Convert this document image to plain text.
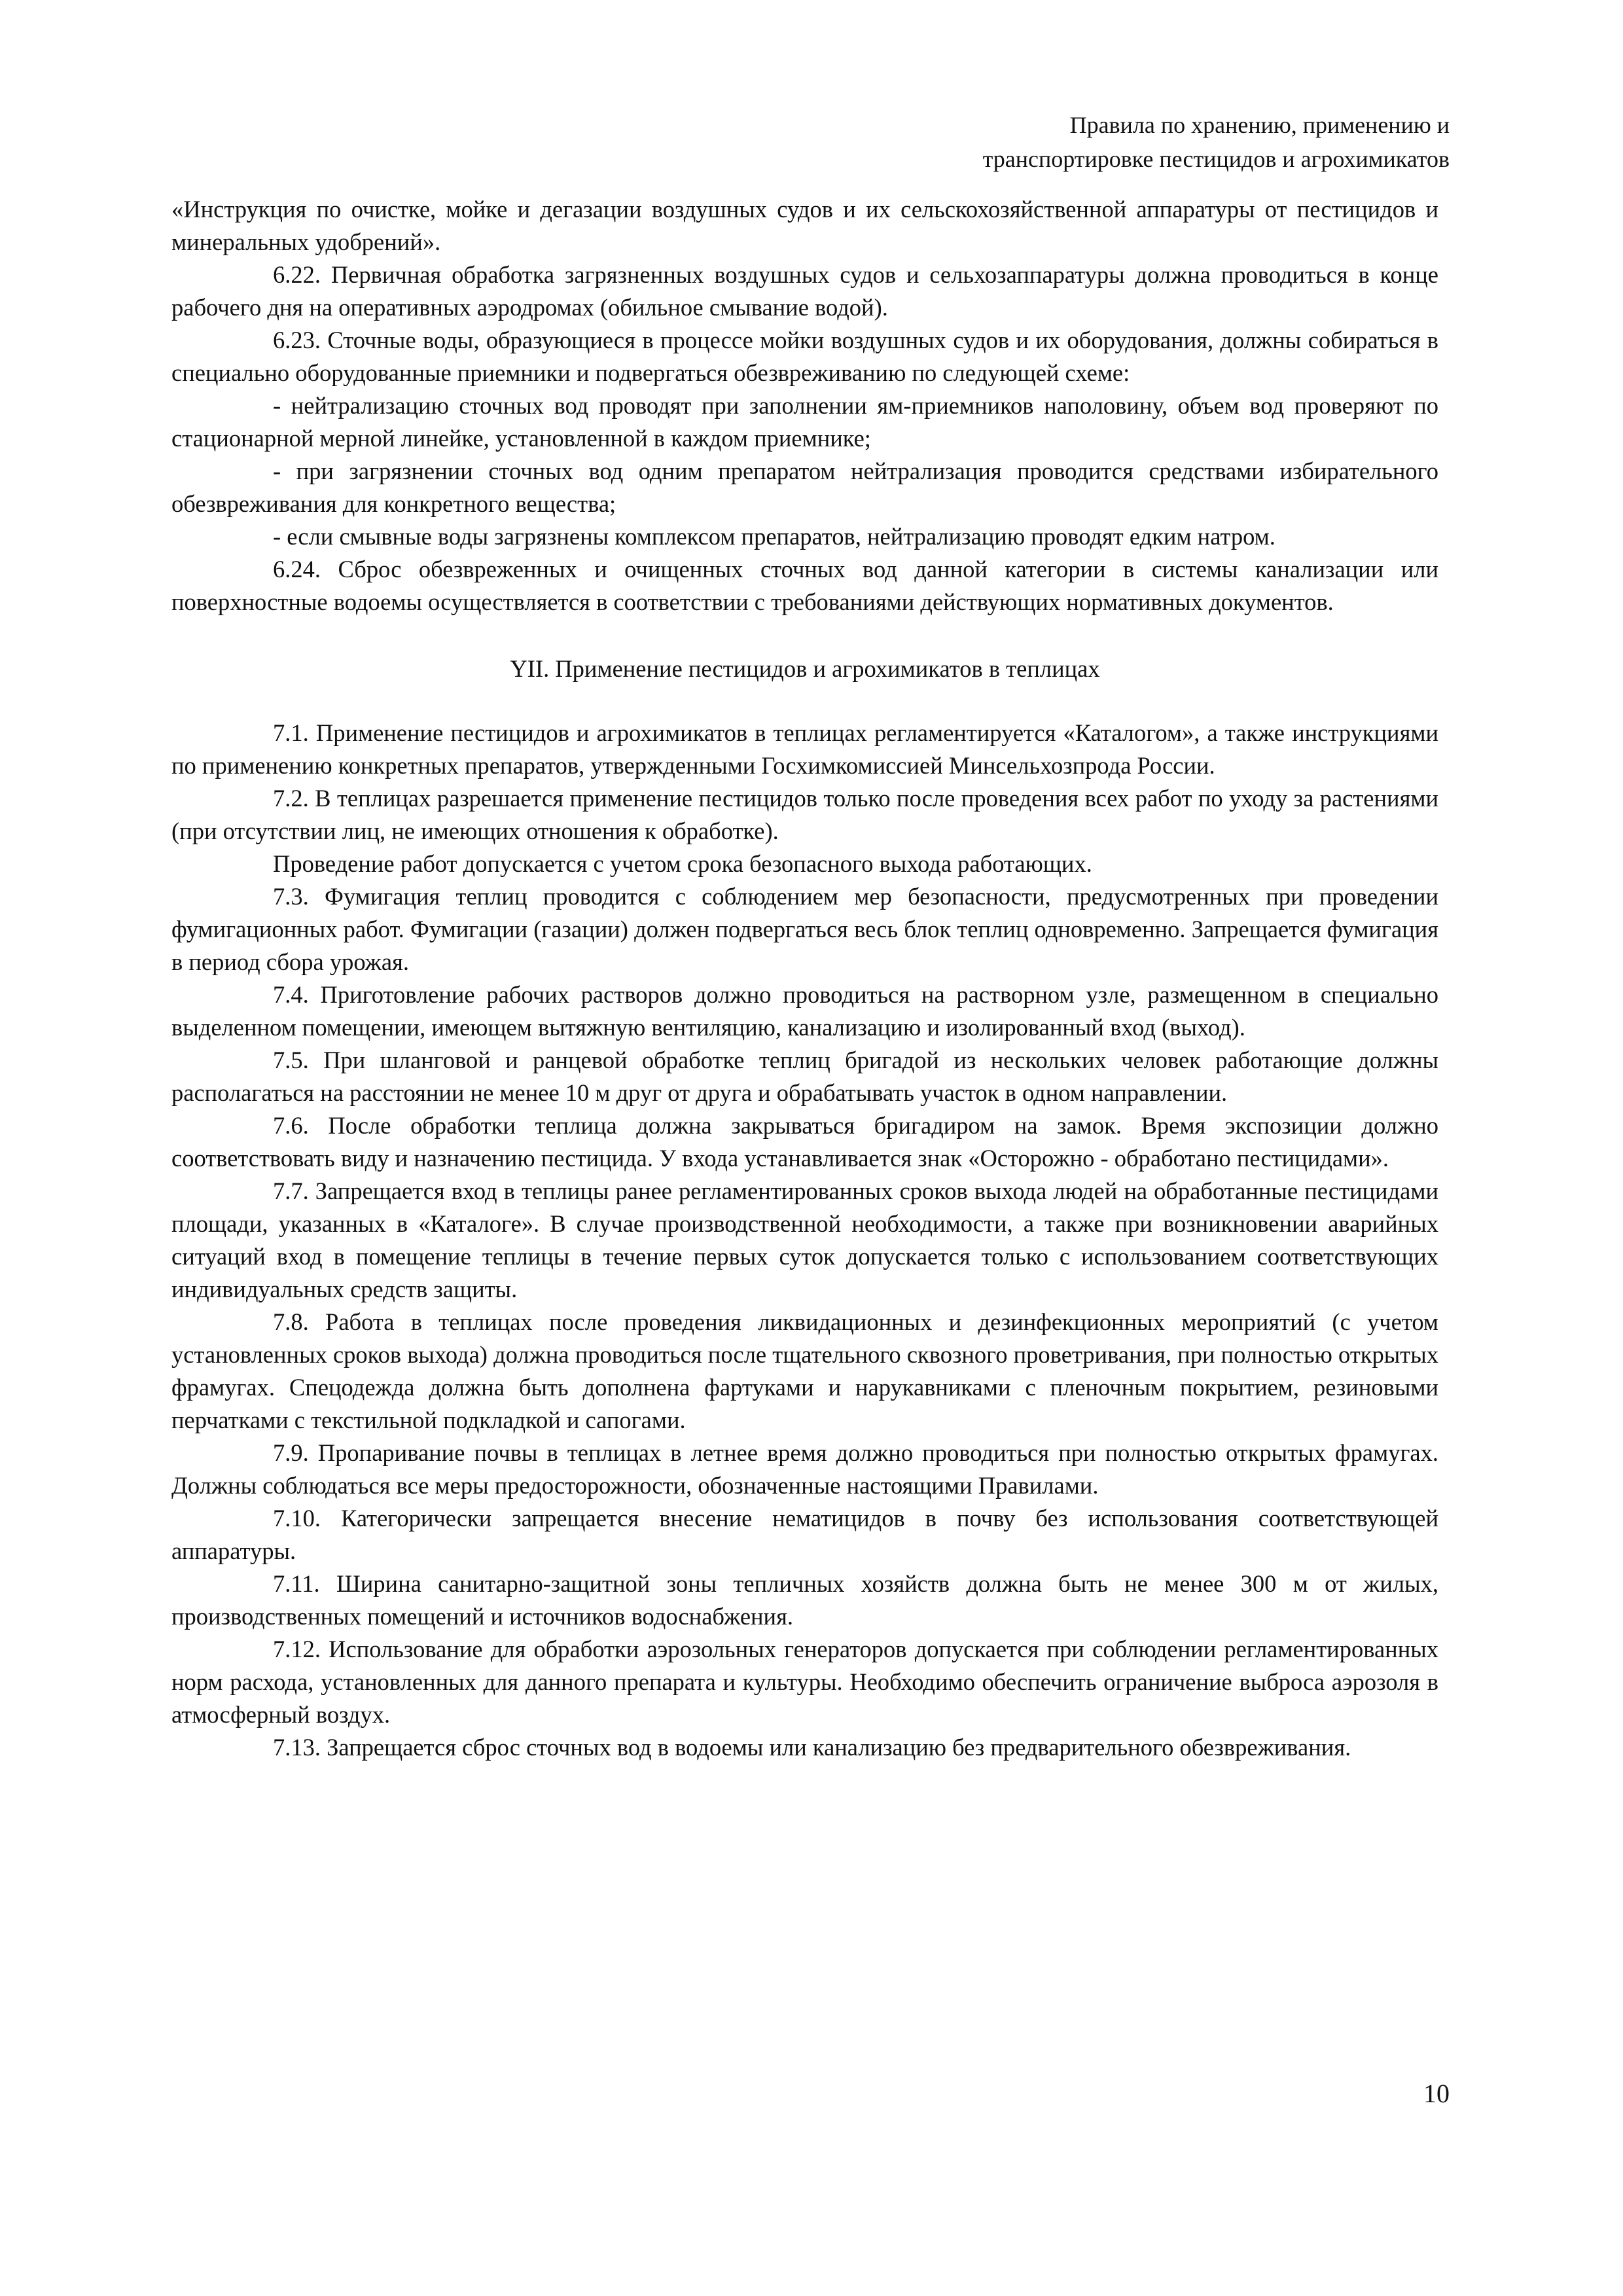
Правила по хранению, применению и
транспортировке пестицидов и агрохимикатов

«Инструкция по очистке, мойке и дегазации воздушных судов и их сельскохозяйственной аппаратуры от пестицидов и минеральных удобрений».

6.22. Первичная обработка загрязненных воздушных судов и сельхозаппаратуры должна проводиться в конце рабочего дня на оперативных аэродромах (обильное смывание водой).

6.23. Сточные воды, образующиеся в процессе мойки воздушных судов и их оборудования, должны собираться в специально оборудованные приемники и подвергаться обезвреживанию по следующей схеме:

- нейтрализацию сточных вод проводят при заполнении ям-приемников наполовину, объем вод проверяют по стационарной мерной линейке, установленной в каждом приемнике;

- при загрязнении сточных вод одним препаратом нейтрализация проводится средствами избирательного обезвреживания для конкретного вещества;

- если смывные воды загрязнены комплексом препаратов, нейтрализацию проводят едким натром.

6.24. Сброс обезвреженных и очищенных сточных вод данной категории в системы канализации или поверхностные водоемы осуществляется в соответствии с требованиями действующих нормативных документов.

YII. Применение пестицидов и агрохимикатов в теплицах

7.1. Применение пестицидов и агрохимикатов в теплицах регламентируется «Каталогом», а также инструкциями по применению конкретных препаратов, утвержденными Госхимкомиссией Минсельхозпрода России.

7.2. В теплицах разрешается применение пестицидов только после проведения всех работ по уходу за растениями (при отсутствии лиц, не имеющих отношения к обработке).

Проведение работ допускается с учетом срока безопасного выхода работающих.

7.3. Фумигация теплиц проводится с соблюдением мер безопасности, предусмотренных при проведении фумигационных работ. Фумигации (газации) должен подвергаться весь блок теплиц одновременно. Запрещается фумигация в период сбора урожая.

7.4. Приготовление рабочих растворов должно проводиться на растворном узле, размещенном в специально выделенном помещении, имеющем вытяжную вентиляцию, канализацию и изолированный вход (выход).

7.5. При шланговой и ранцевой обработке теплиц бригадой из нескольких человек работающие должны располагаться на расстоянии не менее 10 м друг от друга и обрабатывать участок в одном направлении.

7.6. После обработки теплица должна закрываться бригадиром на замок. Время экспозиции должно соответствовать виду и назначению пестицида. У входа устанавливается знак «Осторожно - обработано пестицидами».

7.7. Запрещается вход в теплицы ранее регламентированных сроков выхода людей на обработанные пестицидами площади, указанных в «Каталоге». В случае производственной необходимости, а также при возникновении аварийных ситуаций вход в помещение теплицы в течение первых суток допускается только с использованием соответствующих индивидуальных средств защиты.

7.8. Работа в теплицах после проведения ликвидационных и дезинфекционных мероприятий (с учетом установленных сроков выхода) должна проводиться после тщательного сквозного проветривания, при полностью открытых фрамугах. Спецодежда должна быть дополнена фартуками и нарукавниками с пленочным покрытием, резиновыми перчатками с текстильной подкладкой и сапогами.

7.9. Пропаривание почвы в теплицах в летнее время должно проводиться при полностью открытых фрамугах. Должны соблюдаться все меры предосторожности, обозначенные настоящими Правилами.

7.10. Категорически запрещается внесение нематицидов в почву без использования соответствующей аппаратуры.

7.11. Ширина санитарно-защитной зоны тепличных хозяйств должна быть не менее 300 м от жилых, производственных помещений и источников водоснабжения.

7.12. Использование для обработки аэрозольных генераторов допускается при соблюдении регламентированных норм расхода, установленных для данного препарата и культуры. Необходимо обеспечить ограничение выброса аэрозоля в атмосферный воздух.

7.13. Запрещается сброс сточных вод в водоемы или канализацию без предварительного обезвреживания.

10
